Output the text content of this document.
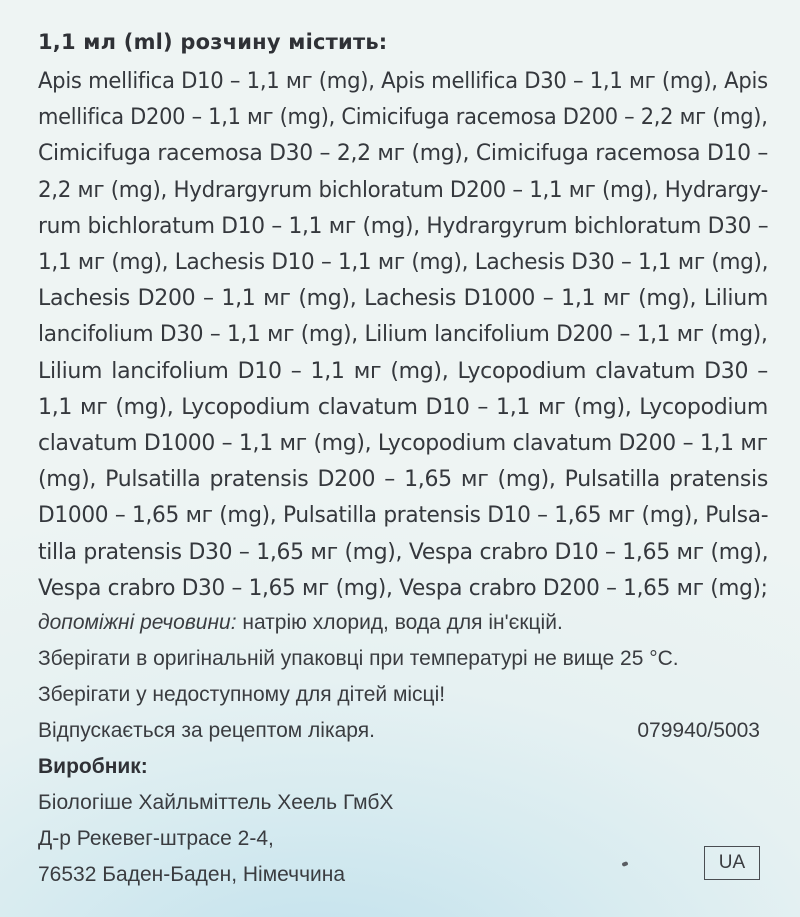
1,1 мл (ml) розчину містить:
Apis mellifica D10 – 1,1 мг (mg), Apis mellifica D30 – 1,1 мг (mg), Apis
mellifica D200 – 1,1 мг (mg), Cimicifuga racemosa D200 – 2,2 мг (mg),
Cimicifuga racemosa D30 – 2,2 мг (mg), Cimicifuga racemosa D10 –
2,2 мг (mg), Hydrargyrum bichloratum D200 – 1,1 мг (mg), Hydrargy-
rum bichloratum D10 – 1,1 мг (mg), Hydrargyrum bichloratum D30 –
1,1 мг (mg), Lachesis D10 – 1,1 мг (mg), Lachesis D30 – 1,1 мг (mg),
Lachesis D200 – 1,1 мг (mg), Lachesis D1000 – 1,1 мг (mg), Lilium
lancifolium D30 – 1,1 мг (mg), Lilium lancifolium D200 – 1,1 мг (mg),
Lilium lancifolium D10 – 1,1 мг (mg), Lycopodium clavatum D30 –
1,1 мг (mg), Lycopodium clavatum D10 – 1,1 мг (mg), Lycopodium
clavatum D1000 – 1,1 мг (mg), Lycopodium clavatum D200 – 1,1 мг
(mg), Pulsatilla pratensis D200 – 1,65 мг (mg), Pulsatilla pratensis
D1000 – 1,65 мг (mg), Pulsatilla pratensis D10 – 1,65 мг (mg), Pulsa-
tilla pratensis D30 – 1,65 мг (mg), Vespa crabro D10 – 1,65 мг (mg),
Vespa crabro D30 – 1,65 мг (mg), Vespa crabro D200 – 1,65 мг (mg);
допоміжні речовини: натрію хлорид, вода для ін'єкцій.
Зберігати в оригінальній упаковці при температурі не вище 25 °С.
Зберігати у недоступному для дітей місці!
Відпускається за рецептом лікаря.	079940/5003
Виробник:
Біологіше Хайльміттель Хеель ГмбХ
Д-р Рекевег-штрасе 2-4,
76532 Баден-Баден, Німеччина
UA
